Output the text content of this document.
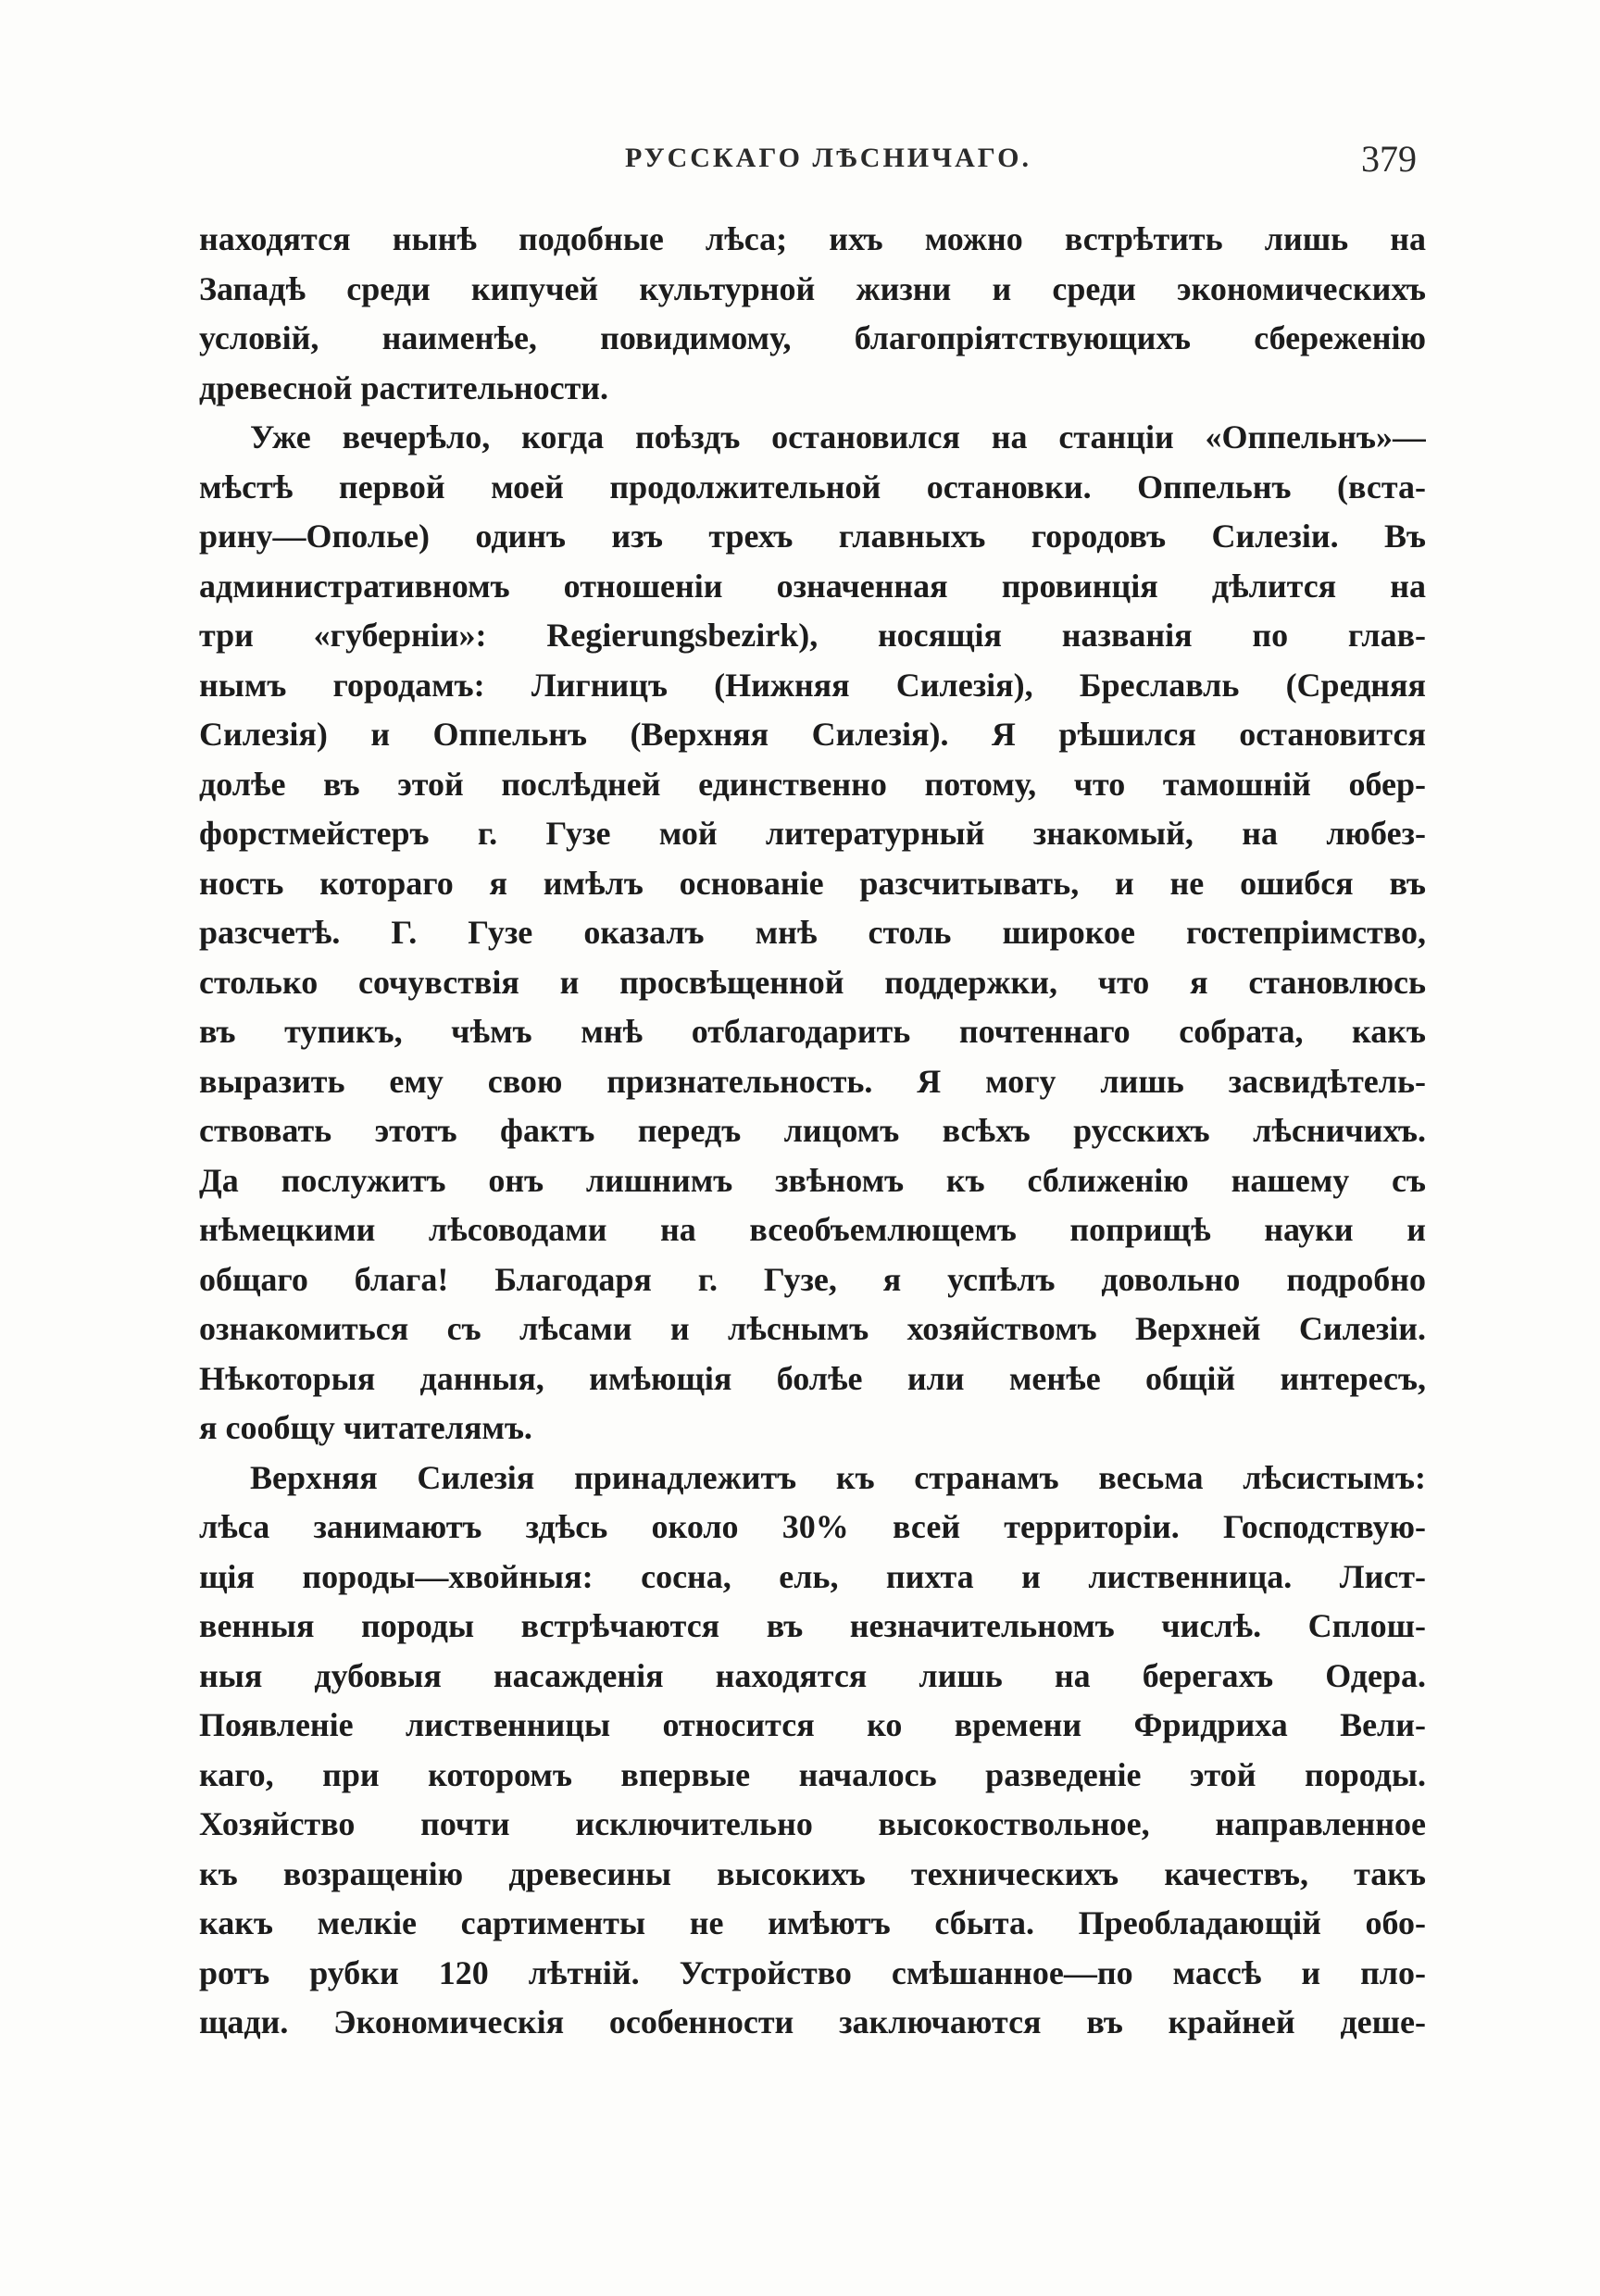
РУССКАГО ЛѢСНИЧАГО.	379
находятся нынѣ подобные лѣса; ихъ можно встрѣтить лишь на
Западѣ среди кипучей культурной жизни и среди экономическихъ
условій, наименѣе, повидимому, благопріятствующихъ сбереженію
древесной растительности.
Уже вечерѣло, когда поѣздъ остановился на станціи «Оппельнъ»—
мѣстѣ первой моей продолжительной остановки. Оппельнъ (вста-
рину—Ополье) одинъ изъ трехъ главныхъ городовъ Силезіи. Въ
административномъ отношеніи означенная провинція дѣлится на
три «губерніи»: Regierungsbezirk), носящія названія по глав-
нымъ городамъ: Лигницъ (Нижняя Силезія), Бреславль (Средняя
Силезія) и Оппельнъ (Верхняя Силезія). Я рѣшился остановится
долѣе въ этой послѣдней единственно потому, что тамошній обер-
форстмейстеръ г. Гузе мой литературный знакомый, на любез-
ность котораго я имѣлъ основаніе разсчитывать, и не ошибся въ
разсчетѣ. Г. Гузе оказалъ мнѣ столь широкое гостепріимство,
столько сочувствія и просвѣщенной поддержки, что я становлюсь
въ тупикъ, чѣмъ мнѣ отблагодарить почтеннаго собрата, какъ
выразить ему свою признательность. Я могу лишь засвидѣтель-
ствовать этотъ фактъ передъ лицомъ всѣхъ русскихъ лѣсничихъ.
Да послужитъ онъ лишнимъ звѣномъ къ сближенію нашему съ
нѣмецкими лѣсоводами на всеобъемлющемъ поприщѣ науки и
общаго блага! Благодаря г. Гузе, я успѣлъ довольно подробно
ознакомиться съ лѣсами и лѣснымъ хозяйствомъ Верхней Силезіи.
Нѣкоторыя данныя, имѣющія болѣе или менѣе общій интересъ,
я сообщу читателямъ.
Верхняя Силезія принадлежитъ къ странамъ весьма лѣсистымъ:
лѣса занимаютъ здѣсь около 30% всей территоріи. Господствую-
щія породы—хвойныя: сосна, ель, пихта и лиственница. Лист-
венныя породы встрѣчаются въ незначительномъ числѣ. Сплош-
ныя дубовыя насажденія находятся лишь на берегахъ Одера.
Появленіе лиственницы относится ко времени Фридриха Вели-
каго, при которомъ впервые началось разведеніе этой породы.
Хозяйство почти исключительно высокоствольное, направленное
къ возращенію древесины высокихъ техническихъ качествъ, такъ
какъ мелкіе сартименты не имѣютъ сбыта. Преобладающій обо-
ротъ рубки 120 лѣтній. Устройство смѣшанное—по массѣ и пло-
щади. Экономическія особенности заключаются въ крайней деше-
